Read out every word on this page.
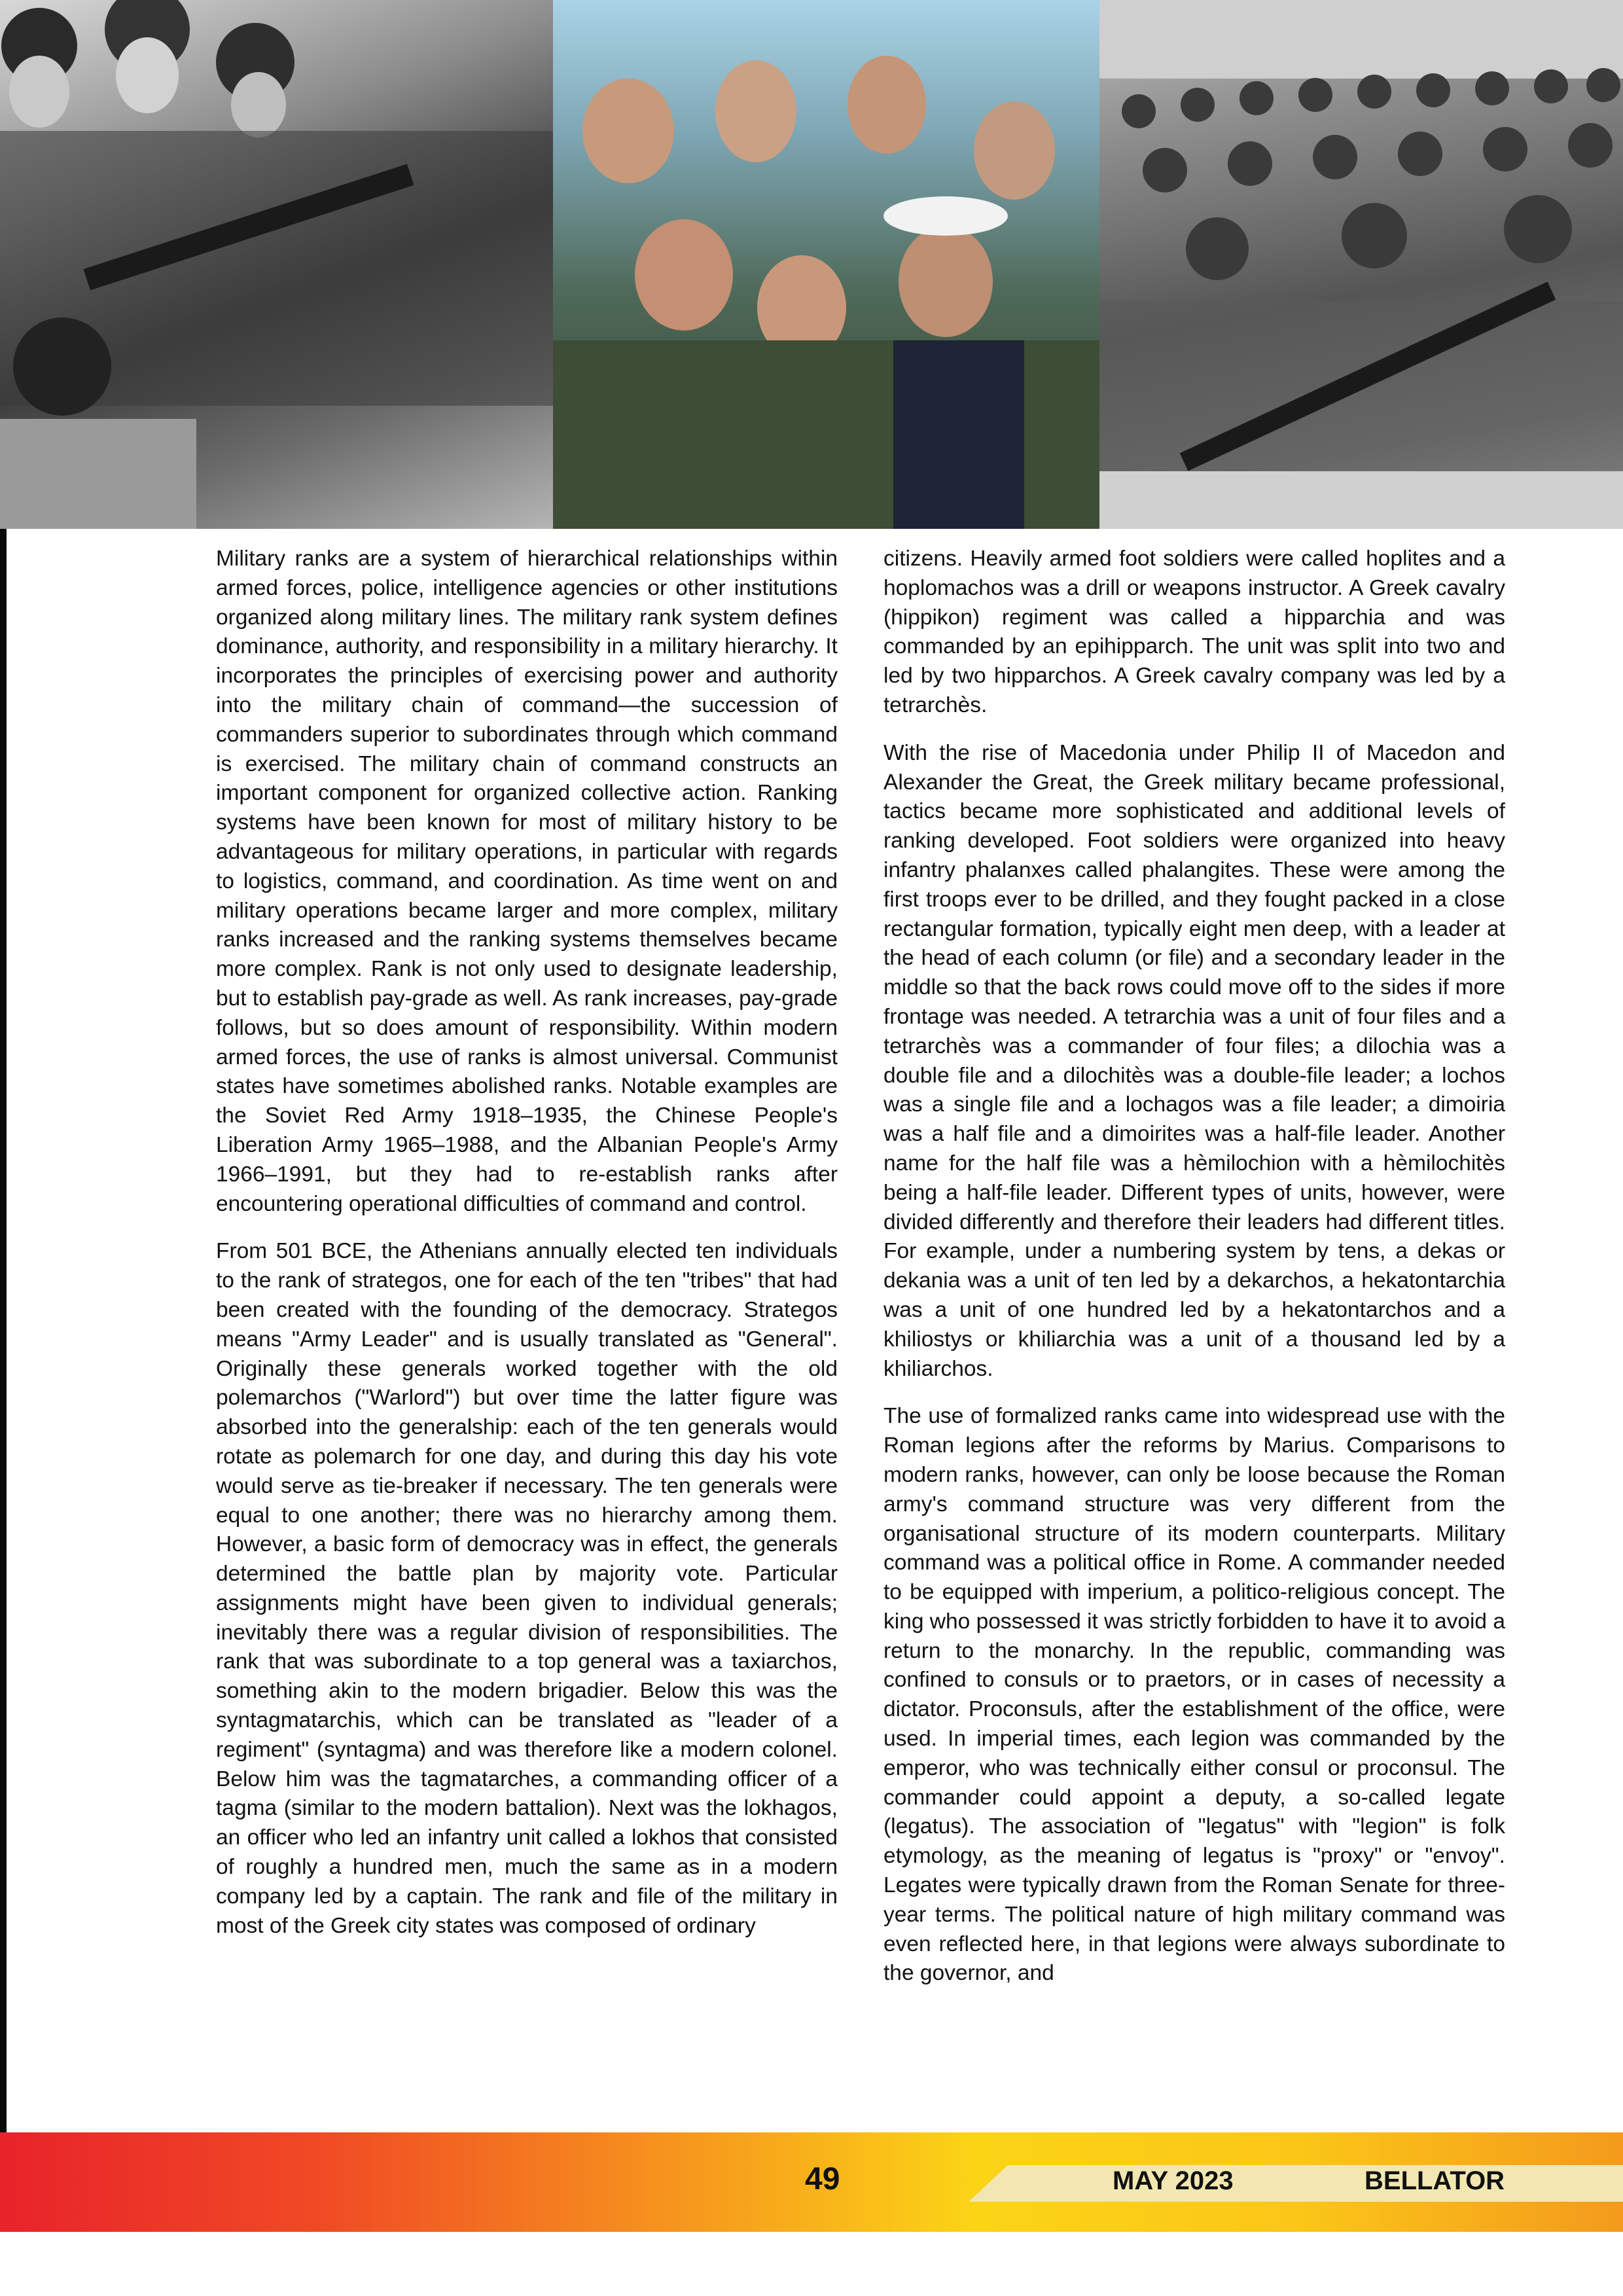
Military ranks are a system of hierarchical relationships within armed forces, police, intelligence agencies or other institutions organized along military lines. The military rank system defines dominance, authority, and responsibility in a military hierarchy. It incorporates the principles of exercising power and authority into the military chain of command—the succession of commanders superior to subordinates through which command is exercised. The military chain of command constructs an important component for organized collective action. Ranking systems have been known for most of military history to be advantageous for military operations, in particular with regards to logistics, command, and coordination. As time went on and military operations became larger and more complex, military ranks increased and the ranking systems themselves became more complex. Rank is not only used to designate leadership, but to establish pay-grade as well. As rank increases, pay-grade follows, but so does amount of responsibility. Within modern armed forces, the use of ranks is almost universal. Communist states have sometimes abolished ranks. Notable examples are the Soviet Red Army 1918–1935, the Chinese People's Liberation Army 1965–1988, and the Albanian People's Army 1966–1991, but they had to re-establish ranks after encountering operational difficulties of command and control.

From 501 BCE, the Athenians annually elected ten individuals to the rank of strategos, one for each of the ten "tribes" that had been created with the founding of the democracy. Strategos means "Army Leader" and is usually translated as "General". Originally these generals worked together with the old polemarchos ("Warlord") but over time the latter figure was absorbed into the generalship: each of the ten generals would rotate as polemarch for one day, and during this day his vote would serve as tie-breaker if necessary. The ten generals were equal to one another; there was no hierarchy among them. However, a basic form of democracy was in effect, the generals determined the battle plan by majority vote. Particular assignments might have been given to individual generals; inevitably there was a regular division of responsibilities. The rank that was subordinate to a top general was a taxiarchos, something akin to the modern brigadier. Below this was the syntagmatarchis, which can be translated as "leader of a regiment" (syntagma) and was therefore like a modern colonel. Below him was the tagmatarches, a commanding officer of a tagma (similar to the modern battalion). Next was the lokhagos, an officer who led an infantry unit called a lokhos that consisted of roughly a hundred men, much the same as in a modern company led by a captain. The rank and file of the military in most of the Greek city states was composed of ordinary

citizens. Heavily armed foot soldiers were called hoplites and a hoplomachos was a drill or weapons instructor. A Greek cavalry (hippikon) regiment was called a hipparchia and was commanded by an epihipparch. The unit was split into two and led by two hipparchos. A Greek cavalry company was led by a tetrarchès.

With the rise of Macedonia under Philip II of Macedon and Alexander the Great, the Greek military became professional, tactics became more sophisticated and additional levels of ranking developed. Foot soldiers were organized into heavy infantry phalanxes called phalangites. These were among the first troops ever to be drilled, and they fought packed in a close rectangular formation, typically eight men deep, with a leader at the head of each column (or file) and a secondary leader in the middle so that the back rows could move off to the sides if more frontage was needed. A tetrarchia was a unit of four files and a tetrarchès was a commander of four files; a dilochia was a double file and a dilochitès was a double-file leader; a lochos was a single file and a lochagos was a file leader; a dimoiria was a half file and a dimoirites was a half-file leader. Another name for the half file was a hèmilochion with a hèmilochitès being a half-file leader. Different types of units, however, were divided differently and therefore their leaders had different titles. For example, under a numbering system by tens, a dekas or dekania was a unit of ten led by a dekarchos, a hekatontarchia was a unit of one hundred led by a hekatontarchos and a khiliostys or khiliarchia was a unit of a thousand led by a khiliarchos.

The use of formalized ranks came into widespread use with the Roman legions after the reforms by Marius. Comparisons to modern ranks, however, can only be loose because the Roman army's command structure was very different from the organisational structure of its modern counterparts. Military command was a political office in Rome. A commander needed to be equipped with imperium, a politico-religious concept. The king who possessed it was strictly forbidden to have it to avoid a return to the monarchy. In the republic, commanding was confined to consuls or to praetors, or in cases of necessity a dictator. Proconsuls, after the establishment of the office, were used. In imperial times, each legion was commanded by the emperor, who was technically either consul or proconsul. The commander could appoint a deputy, a so-called legate (legatus). The association of "legatus" with "legion" is folk etymology, as the meaning of legatus is "proxy" or "envoy". Legates were typically drawn from the Roman Senate for three-year terms. The political nature of high military command was even reflected here, in that legions were always subordinate to the governor, and

49	MAY 2023	BELLATOR
